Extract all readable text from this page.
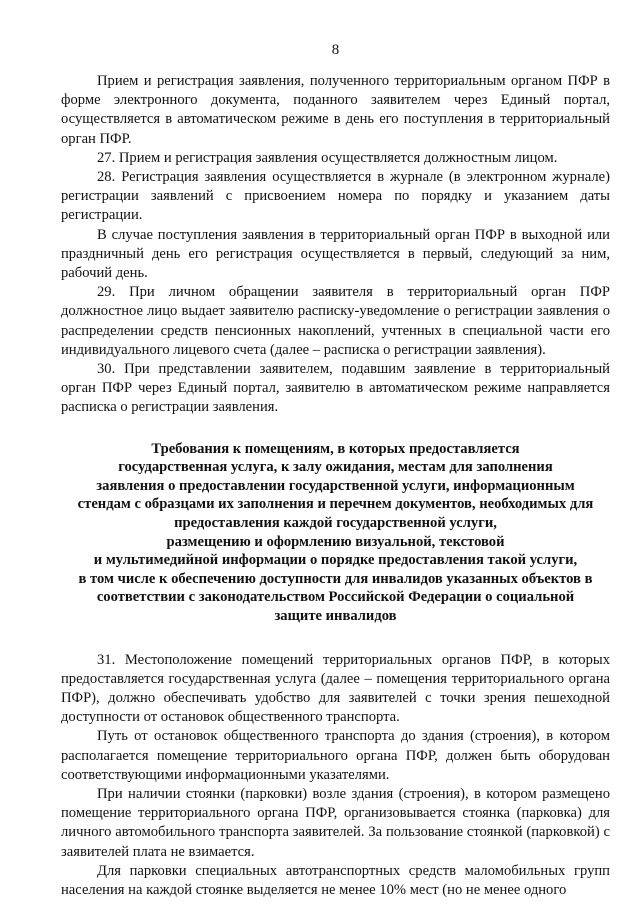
8

Прием и регистрация заявления, полученного территориальным органом ПФР в форме электронного документа, поданного заявителем через Единый портал, осуществляется в автоматическом режиме в день его поступления в территориальный орган ПФР.

27. Прием и регистрация заявления осуществляется должностным лицом.

28. Регистрация заявления осуществляется в журнале (в электронном журнале) регистрации заявлений с присвоением номера по порядку и указанием даты регистрации.

В случае поступления заявления в территориальный орган ПФР в выходной или праздничный день его регистрация осуществляется в первый, следующий за ним, рабочий день.

29. При личном обращении заявителя в территориальный орган ПФР должностное лицо выдает заявителю расписку-уведомление о регистрации заявления о распределении средств пенсионных накоплений, учтенных в специальной части его индивидуального лицевого счета (далее – расписка о регистрации заявления).

30. При представлении заявителем, подавшим заявление в территориальный орган ПФР через Единый портал, заявителю в автоматическом режиме направляется расписка о регистрации заявления.

Требования к помещениям, в которых предоставляется
государственная услуга, к залу ожидания, местам для заполнения
заявления о предоставлении государственной услуги, информационным
стендам с образцами их заполнения и перечнем документов, необходимых для
предоставления каждой государственной услуги,
размещению и оформлению визуальной, текстовой
и мультимедийной информации о порядке предоставления такой услуги,
в том числе к обеспечению доступности для инвалидов указанных объектов в
соответствии с законодательством Российской Федерации о социальной
защите инвалидов

31. Местоположение помещений территориальных органов ПФР, в которых предоставляется государственная услуга (далее – помещения территориального органа ПФР), должно обеспечивать удобство для заявителей с точки зрения пешеходной доступности от остановок общественного транспорта.

Путь от остановок общественного транспорта до здания (строения), в котором располагается помещение территориального органа ПФР, должен быть оборудован соответствующими информационными указателями.

При наличии стоянки (парковки) возле здания (строения), в котором размещено помещение территориального органа ПФР, организовывается стоянка (парковка) для личного автомобильного транспорта заявителей. За пользование стоянкой (парковкой) с заявителей плата не взимается.

Для парковки специальных автотранспортных средств маломобильных групп населения на каждой стоянке выделяется не менее 10% мест (но не менее одного
